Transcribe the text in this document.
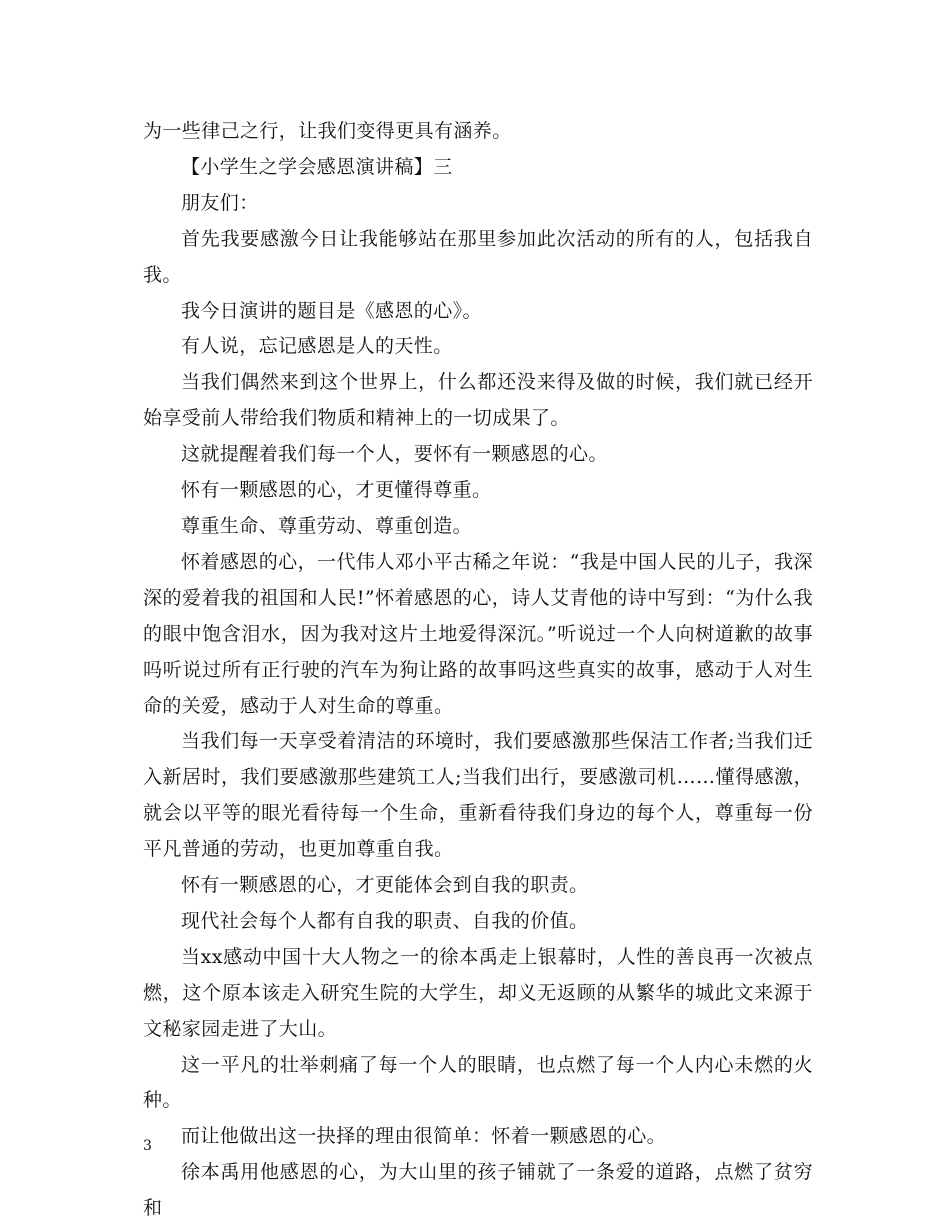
为一些律己之行，让我们变得更具有涵养。

【小学生之学会感恩演讲稿】三

朋友们：

首先我要感激今日让我能够站在那里参加此次活动的所有的人，包括我自我。

我今日演讲的题目是《感恩的心》。

有人说，忘记感恩是人的天性。

当我们偶然来到这个世界上，什么都还没来得及做的时候，我们就已经开始享受前人带给我们物质和精神上的一切成果了。

这就提醒着我们每一个人，要怀有一颗感恩的心。

怀有一颗感恩的心，才更懂得尊重。

尊重生命、尊重劳动、尊重创造。

怀着感恩的心，一代伟人邓小平古稀之年说：“我是中国人民的儿子，我深深的爱着我的祖国和人民!”怀着感恩的心，诗人艾青他的诗中写到：“为什么我的眼中饱含泪水，因为我对这片土地爱得深沉。”听说过一个人向树道歉的故事吗听说过所有正行驶的汽车为狗让路的故事吗这些真实的故事，感动于人对生命的关爱，感动于人对生命的尊重。

当我们每一天享受着清洁的环境时，我们要感激那些保洁工作者;当我们迁入新居时，我们要感激那些建筑工人;当我们出行，要感激司机……懂得感激，就会以平等的眼光看待每一个生命，重新看待我们身边的每个人，尊重每一份平凡普通的劳动，也更加尊重自我。

怀有一颗感恩的心，才更能体会到自我的职责。

现代社会每个人都有自我的职责、自我的价值。

当xx感动中国十大人物之一的徐本禹走上银幕时，人性的善良再一次被点燃，这个原本该走入研究生院的大学生，却义无返顾的从繁华的城此文来源于文秘家园走进了大山。

这一平凡的壮举刺痛了每一个人的眼睛，也点燃了每一个人内心未燃的火种。

而让他做出这一抉择的理由很简单：怀着一颗感恩的心。

徐本禹用他感恩的心，为大山里的孩子铺就了一条爱的道路，点燃了贫穷和

3
